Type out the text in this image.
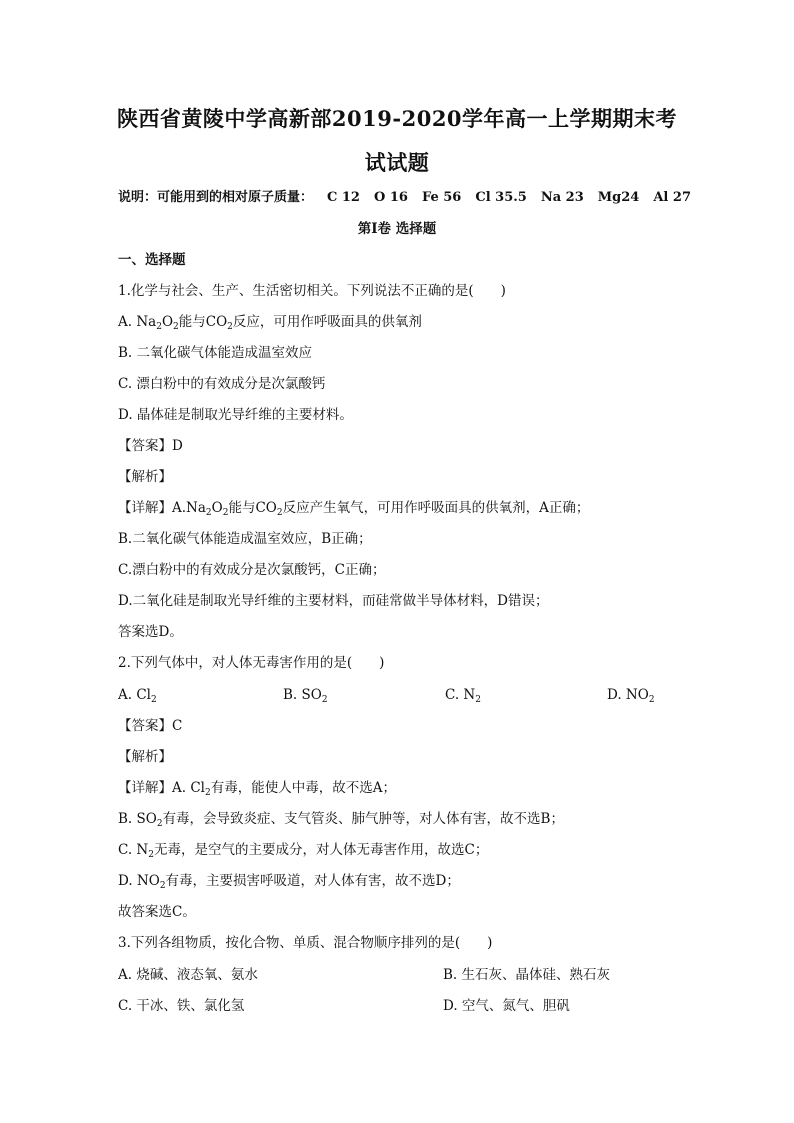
陕西省黄陵中学高新部2019-2020学年高一上学期期末考
试试题
说明：可能用到的相对原子质量： C 12 O 16 Fe 56 Cl 35.5 Na 23 Mg24 Al 27
第I卷 选择题
一、选择题
1.化学与社会、生产、生活密切相关。下列说法不正确的是(　　)
A. $Na_2O_2$能与$CO_2$反应，可用作呼吸面具的供氧剂
B. 二氧化碳气体能造成温室效应
C. 漂白粉中的有效成分是次氯酸钙
D. 晶体硅是制取光导纤维的主要材料。
【答案】D
【解析】
【详解】$A.Na_2O_2$能与$CO_2$反应产生氧气，可用作呼吸面具的供氧剂，A正确；
B.二氧化碳气体能造成温室效应，B正确；
C.漂白粉中的有效成分是次氯酸钙，C正确；
D.二氧化硅是制取光导纤维的主要材料，而硅常做半导体材料，D错误；
答案选D。
2.下列气体中，对人体无毒害作用的是(　　)
A. $Cl_2$	B. $SO_2$	C. $N_2$	D. $NO_2$
【答案】C
【解析】
【详解】A. $Cl_2$有毒，能使人中毒，故不选A；
B. $SO_2$有毒，会导致炎症、支气管炎、肺气肿等，对人体有害，故不选B；
C. $N_2$无毒，是空气的主要成分，对人体无毒害作用，故选C；
D. $NO_2$有毒，主要损害呼吸道，对人体有害，故不选D；
故答案选C。
3.下列各组物质，按化合物、单质、混合物顺序排列的是(　　)
A. 烧碱、液态氧、氨水	B. 生石灰、晶体硅、熟石灰
C. 干冰、铁、氯化氢	D. 空气、氮气、胆矾
